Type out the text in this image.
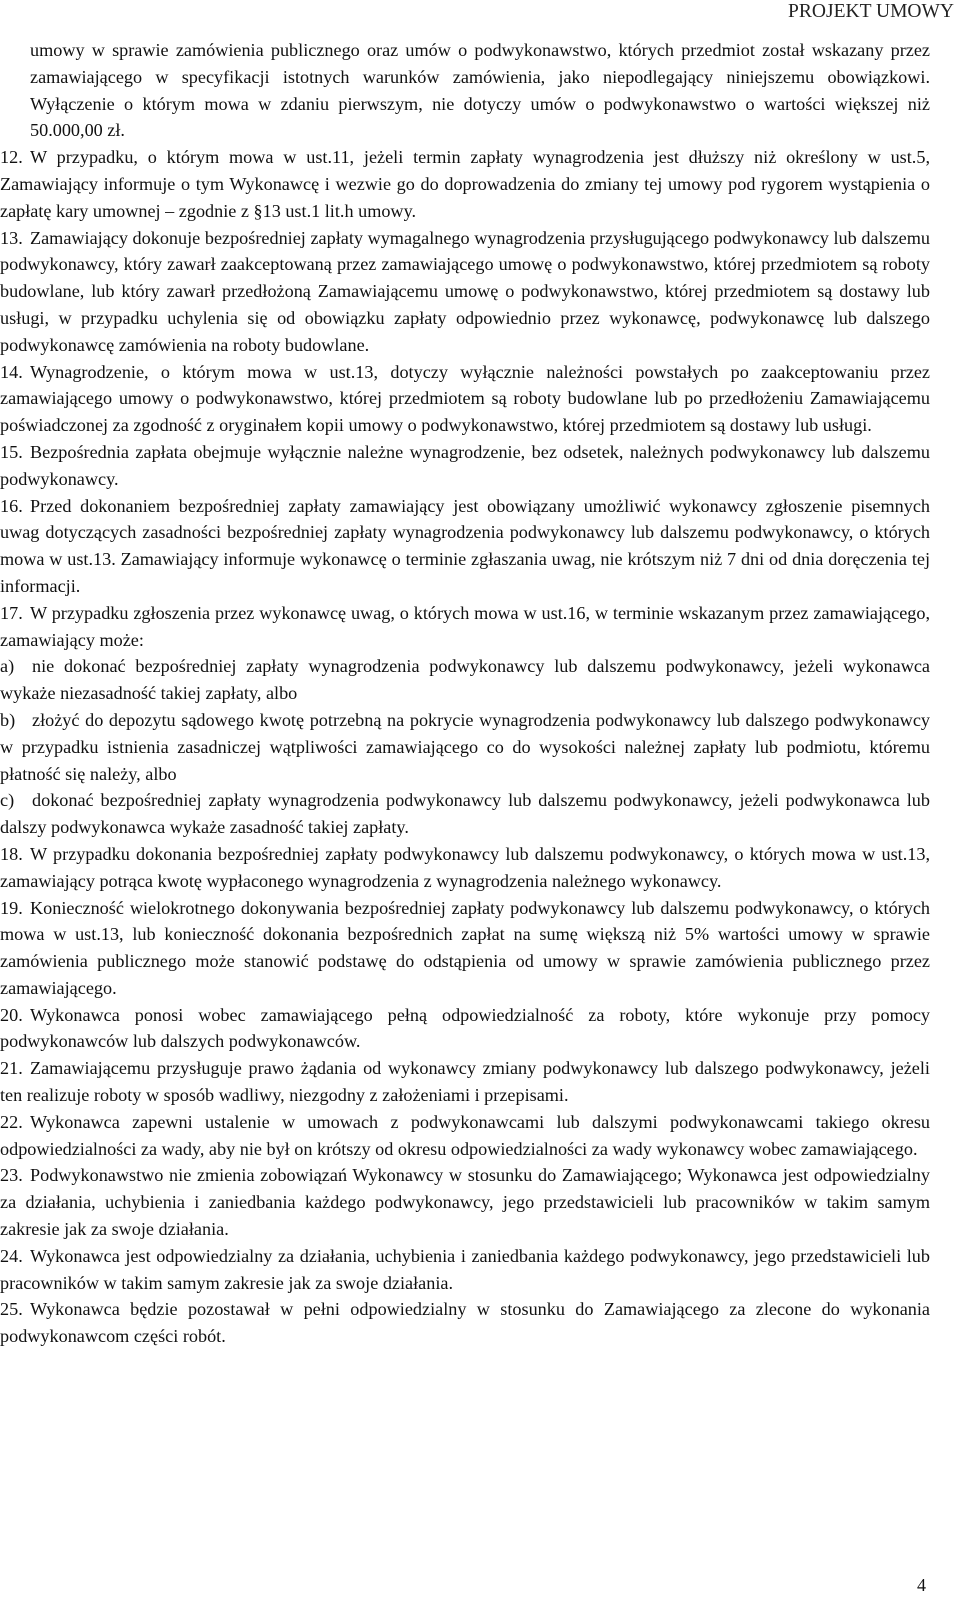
PROJEKT UMOWY

umowy w sprawie zamówienia publicznego oraz umów o podwykonawstwo, których przedmiot został wskazany przez zamawiającego w specyfikacji istotnych warunków zamówienia, jako niepodlegający niniejszemu obowiązkowi. Wyłączenie o którym mowa w zdaniu pierwszym, nie dotyczy umów o podwykonawstwo o wartości większej niż 50.000,00 zł.

12. W przypadku, o którym mowa w ust.11, jeżeli termin zapłaty wynagrodzenia jest dłuższy niż określony w ust.5, Zamawiający informuje o tym Wykonawcę i wezwie go do doprowadzenia do zmiany tej umowy pod rygorem wystąpienia o zapłatę kary umownej – zgodnie z §13 ust.1 lit.h umowy.

13. Zamawiający dokonuje bezpośredniej zapłaty wymagalnego wynagrodzenia przysługującego podwykonawcy lub dalszemu podwykonawcy, który zawarł zaakceptowaną przez zamawiającego umowę o podwykonawstwo, której przedmiotem są roboty budowlane, lub który zawarł przedłożoną Zamawiającemu umowę o podwykonawstwo, której przedmiotem są dostawy lub usługi, w przypadku uchylenia się od obowiązku zapłaty odpowiednio przez wykonawcę, podwykonawcę lub dalszego podwykonawcę zamówienia na roboty budowlane.

14. Wynagrodzenie, o którym mowa w ust.13, dotyczy wyłącznie należności powstałych po zaakceptowaniu przez zamawiającego umowy o podwykonawstwo, której przedmiotem są roboty budowlane lub po przedłożeniu Zamawiającemu poświadczonej za zgodność z oryginałem kopii umowy o podwykonawstwo, której przedmiotem są dostawy lub usługi.

15. Bezpośrednia zapłata obejmuje wyłącznie należne wynagrodzenie, bez odsetek, należnych podwykonawcy lub dalszemu podwykonawcy.

16. Przed dokonaniem bezpośredniej zapłaty zamawiający jest obowiązany umożliwić wykonawcy zgłoszenie pisemnych uwag dotyczących zasadności bezpośredniej zapłaty wynagrodzenia podwykonawcy lub dalszemu podwykonawcy, o których mowa w ust.13. Zamawiający informuje wykonawcę o terminie zgłaszania uwag, nie krótszym niż 7 dni od dnia doręczenia tej informacji.

17. W przypadku zgłoszenia przez wykonawcę uwag, o których mowa w ust.16, w terminie wskazanym przez zamawiającego, zamawiający może:

a) nie dokonać bezpośredniej zapłaty wynagrodzenia podwykonawcy lub dalszemu podwykonawcy, jeżeli wykonawca wykaże niezasadność takiej zapłaty, albo

b) złożyć do depozytu sądowego kwotę potrzebną na pokrycie wynagrodzenia podwykonawcy lub dalszego podwykonawcy w przypadku istnienia zasadniczej wątpliwości zamawiającego co do wysokości należnej zapłaty lub podmiotu, któremu płatność się należy, albo

c) dokonać bezpośredniej zapłaty wynagrodzenia podwykonawcy lub dalszemu podwykonawcy, jeżeli podwykonawca lub dalszy podwykonawca wykaże zasadność takiej zapłaty.

18. W przypadku dokonania bezpośredniej zapłaty podwykonawcy lub dalszemu podwykonawcy, o których mowa w ust.13, zamawiający potrąca kwotę wypłaconego wynagrodzenia z wynagrodzenia należnego wykonawcy.

19. Konieczność wielokrotnego dokonywania bezpośredniej zapłaty podwykonawcy lub dalszemu podwykonawcy, o których mowa w ust.13, lub konieczność dokonania bezpośrednich zapłat na sumę większą niż 5% wartości umowy w sprawie zamówienia publicznego może stanowić podstawę do odstąpienia od umowy w sprawie zamówienia publicznego przez zamawiającego.

20. Wykonawca ponosi wobec zamawiającego pełną odpowiedzialność za roboty, które wykonuje przy pomocy podwykonawców lub dalszych podwykonawców.

21. Zamawiającemu przysługuje prawo żądania od wykonawcy zmiany podwykonawcy lub dalszego podwykonawcy, jeżeli ten realizuje roboty w sposób wadliwy, niezgodny z założeniami i przepisami.

22. Wykonawca zapewni ustalenie w umowach z podwykonawcami lub dalszymi podwykonawcami takiego okresu odpowiedzialności za wady, aby nie był on krótszy od okresu odpowiedzialności za wady wykonawcy wobec zamawiającego.

23. Podwykonawstwo nie zmienia zobowiązań Wykonawcy w stosunku do Zamawiającego; Wykonawca jest odpowiedzialny za działania, uchybienia i zaniedbania każdego podwykonawcy, jego przedstawicieli lub pracowników w takim samym zakresie jak za swoje działania.

24. Wykonawca jest odpowiedzialny za działania, uchybienia i zaniedbania każdego podwykonawcy, jego przedstawicieli lub pracowników w takim samym zakresie jak za swoje działania.

25. Wykonawca będzie pozostawał w pełni odpowiedzialny w stosunku do Zamawiającego za zlecone do wykonania podwykonawcom części robót.

4
